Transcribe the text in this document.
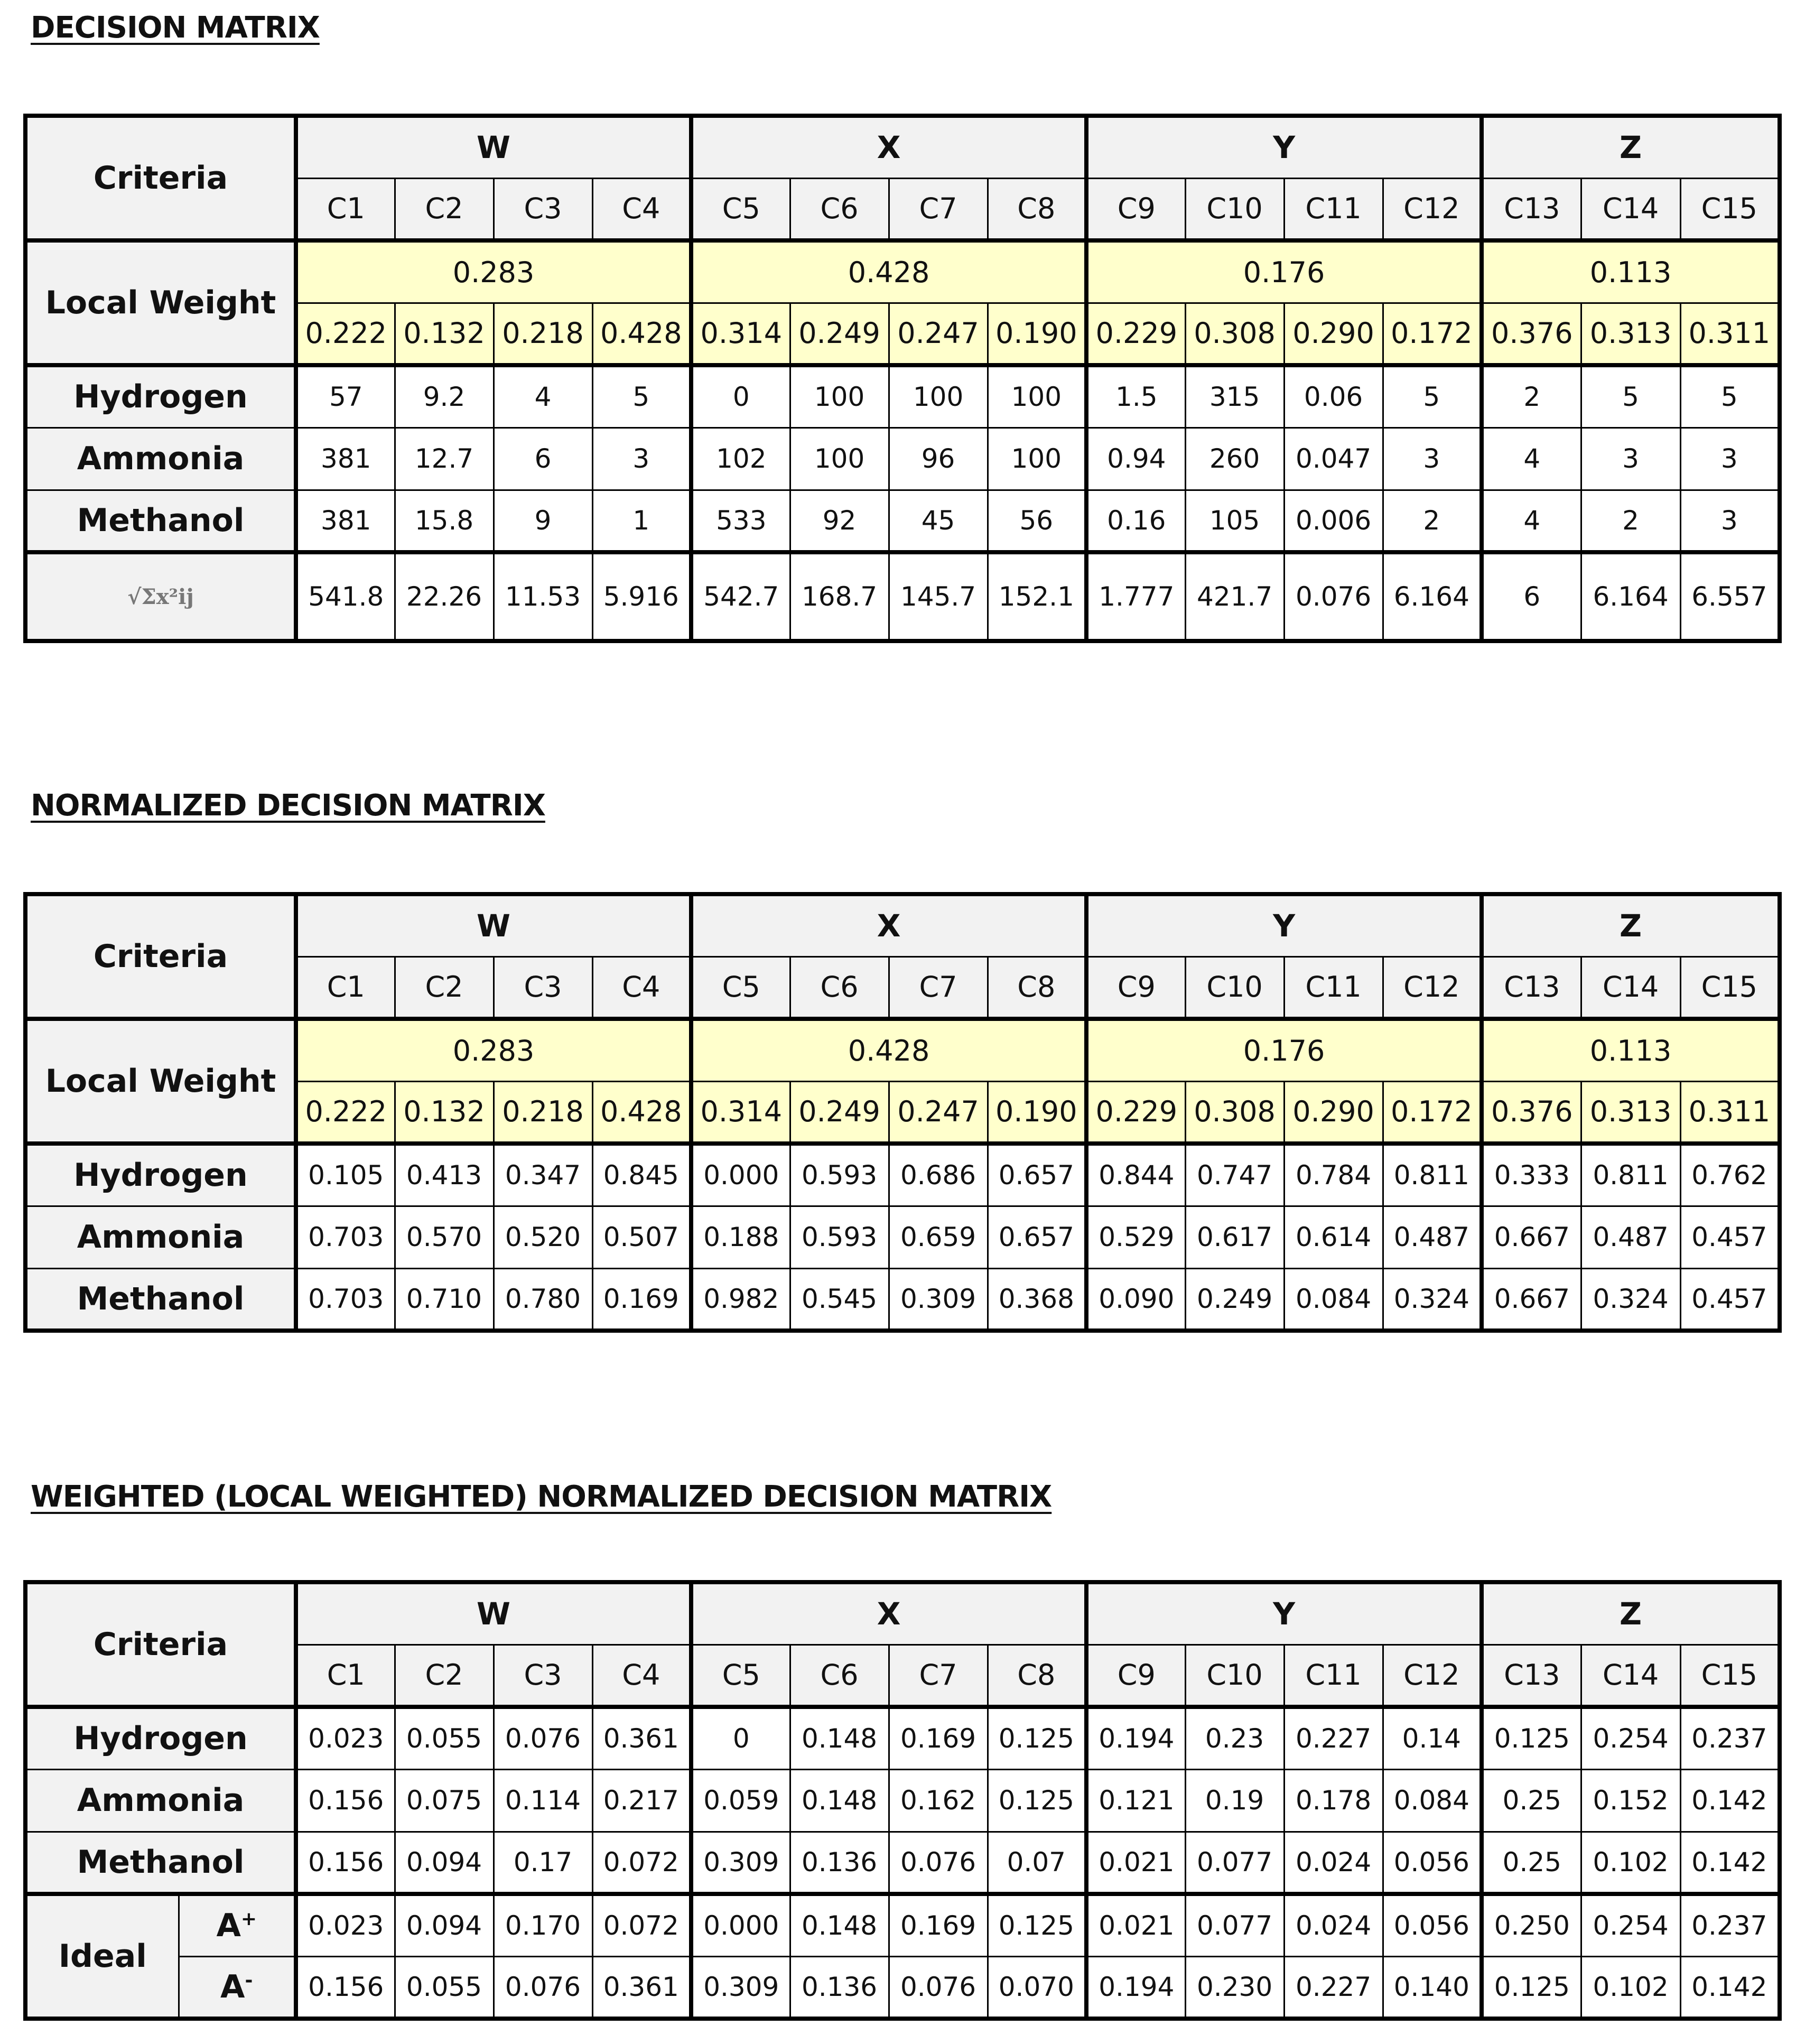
DECISION MATRIX
Criteria	W				X				Y				Z		
	C1	C2	C3	C4	C5	C6	C7	C8	C9	C10	C11	C12	C13	C14	C15
Local Weight	0.283				0.428				0.176				0.113		
	0.222	0.132	0.218	0.428	0.314	0.249	0.247	0.190	0.229	0.308	0.290	0.172	0.376	0.313	0.311
Hydrogen	57	9.2	4	5	0	100	100	100	1.5	315	0.06	5	2	5	5
Ammonia	381	12.7	6	3	102	100	96	100	0.94	260	0.047	3	4	3	3
Methanol	381	15.8	9	1	533	92	45	56	0.16	105	0.006	2	4	2	3
√Σx²ij	541.8	22.26	11.53	5.916	542.7	168.7	145.7	152.1	1.777	421.7	0.076	6.164	6	6.164	6.557
NORMALIZED DECISION MATRIX
Criteria	W				X				Y				Z		
	C1	C2	C3	C4	C5	C6	C7	C8	C9	C10	C11	C12	C13	C14	C15
Local Weight	0.283				0.428				0.176				0.113		
	0.222	0.132	0.218	0.428	0.314	0.249	0.247	0.190	0.229	0.308	0.290	0.172	0.376	0.313	0.311
Hydrogen	0.105	0.413	0.347	0.845	0.000	0.593	0.686	0.657	0.844	0.747	0.784	0.811	0.333	0.811	0.762
Ammonia	0.703	0.570	0.520	0.507	0.188	0.593	0.659	0.657	0.529	0.617	0.614	0.487	0.667	0.487	0.457
Methanol	0.703	0.710	0.780	0.169	0.982	0.545	0.309	0.368	0.090	0.249	0.084	0.324	0.667	0.324	0.457
WEIGHTED (LOCAL WEIGHTED) NORMALIZED DECISION MATRIX
Criteria		W				X				Y				Z		
		C1	C2	C3	C4	C5	C6	C7	C8	C9	C10	C11	C12	C13	C14	C15
Hydrogen		0.023	0.055	0.076	0.361	0	0.148	0.169	0.125	0.194	0.23	0.227	0.14	0.125	0.254	0.237
Ammonia		0.156	0.075	0.114	0.217	0.059	0.148	0.162	0.125	0.121	0.19	0.178	0.084	0.25	0.152	0.142
Methanol		0.156	0.094	0.17	0.072	0.309	0.136	0.076	0.07	0.021	0.077	0.024	0.056	0.25	0.102	0.142
Ideal	A+	0.023	0.094	0.170	0.072	0.000	0.148	0.169	0.125	0.021	0.077	0.024	0.056	0.250	0.254	0.237
	A-	0.156	0.055	0.076	0.361	0.309	0.136	0.076	0.070	0.194	0.230	0.227	0.140	0.125	0.102	0.142
